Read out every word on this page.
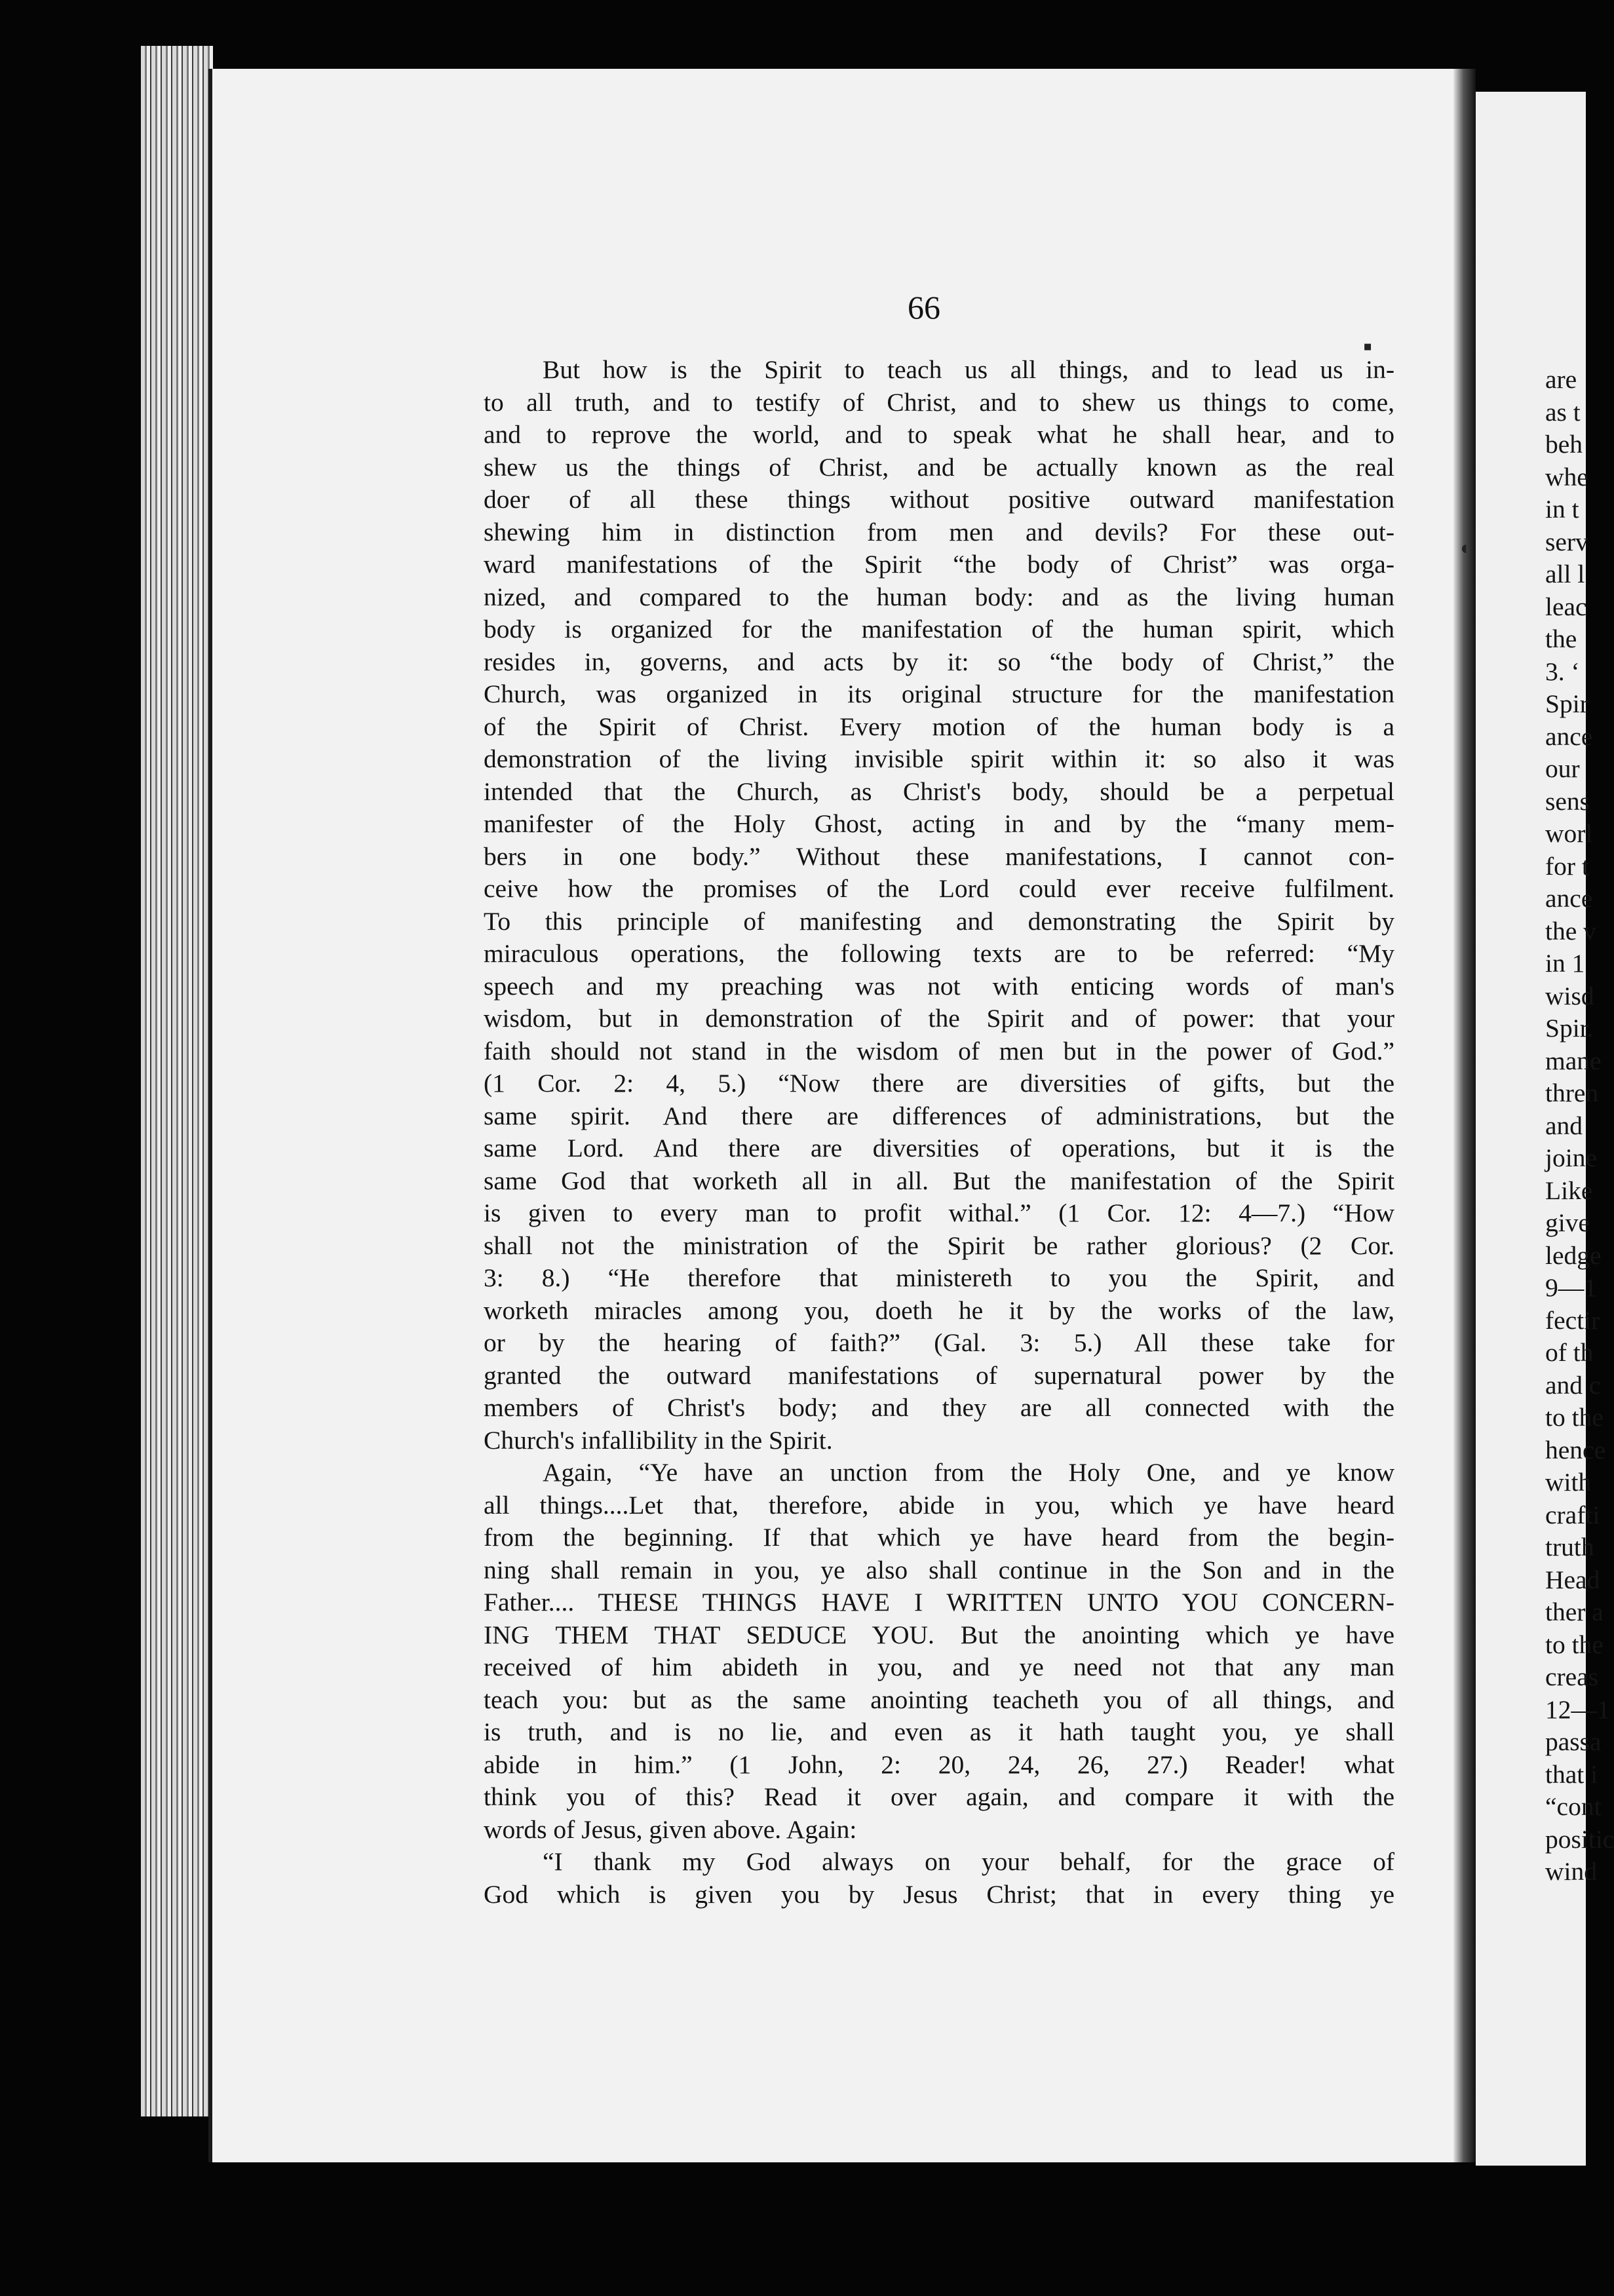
66
But how is the Spirit to teach us all things, and to lead us in-
to all truth, and to testify of Christ, and to shew us things to come,
and to reprove the world, and to speak what he shall hear, and to
shew us the things of Christ, and be actually known as the real
doer of all these things without positive outward manifestation
shewing him in distinction from men and devils? For these out-
ward manifestations of the Spirit “the body of Christ” was orga-
nized, and compared to the human body: and as the living human
body is organized for the manifestation of the human spirit, which
resides in, governs, and acts by it: so “the body of Christ,” the
Church, was organized in its original structure for the manifestation
of the Spirit of Christ. Every motion of the human body is a
demonstration of the living invisible spirit within it: so also it was
intended that the Church, as Christ's body, should be a perpetual
manifester of the Holy Ghost, acting in and by the “many mem-
bers in one body.” Without these manifestations, I cannot con-
ceive how the promises of the Lord could ever receive fulfilment.
To this principle of manifesting and demonstrating the Spirit by
miraculous operations, the following texts are to be referred: “My
speech and my preaching was not with enticing words of man's
wisdom, but in demonstration of the Spirit and of power: that your
faith should not stand in the wisdom of men but in the power of God.”
(1 Cor. 2: 4, 5.) “Now there are diversities of gifts, but the
same spirit. And there are differences of administrations, but the
same Lord. And there are diversities of operations, but it is the
same God that worketh all in all. But the manifestation of the Spirit
is given to every man to profit withal.” (1 Cor. 12: 4—7.) “How
shall not the ministration of the Spirit be rather glorious? (2 Cor.
3: 8.) “He therefore that ministereth to you the Spirit, and
worketh miracles among you, doeth he it by the works of the law,
or by the hearing of faith?” (Gal. 3: 5.) All these take for
granted the outward manifestations of supernatural power by the
members of Christ's body; and they are all connected with the
Church's infallibility in the Spirit.
Again, “Ye have an unction from the Holy One, and ye know
all things....Let that, therefore, abide in you, which ye have heard
from the beginning. If that which ye have heard from the begin-
ning shall remain in you, ye also shall continue in the Son and in the
Father.... THESE THINGS HAVE I WRITTEN UNTO YOU CONCERN-
ING THEM THAT SEDUCE YOU. But the anointing which ye have
received of him abideth in you, and ye need not that any man
teach you: but as the same anointing teacheth you of all things, and
is truth, and is no lie, and even as it hath taught you, ye shall
abide in him.” (1 John, 2: 20, 24, 26, 27.) Reader! what
think you of this? Read it over again, and compare it with the
words of Jesus, given above. Again:
“I thank my God always on your behalf, for the grace of
God which is given you by Jesus Christ; that in every thing ye
are
as t
beh
whe
in t
serv
all l
leac
the
3. ‘
Spir
ance
our
sens
worl
for t
ance
the v
in 1
wisd
Spir.
mane
thren
and
joine
Like
give
ledge
9—1
fectir
of th
and c
to the
hence
with
crafti
truth
Head
ther a
to the
creas
12—1
passa
that i
“cont
positic
wind
▪
◖
